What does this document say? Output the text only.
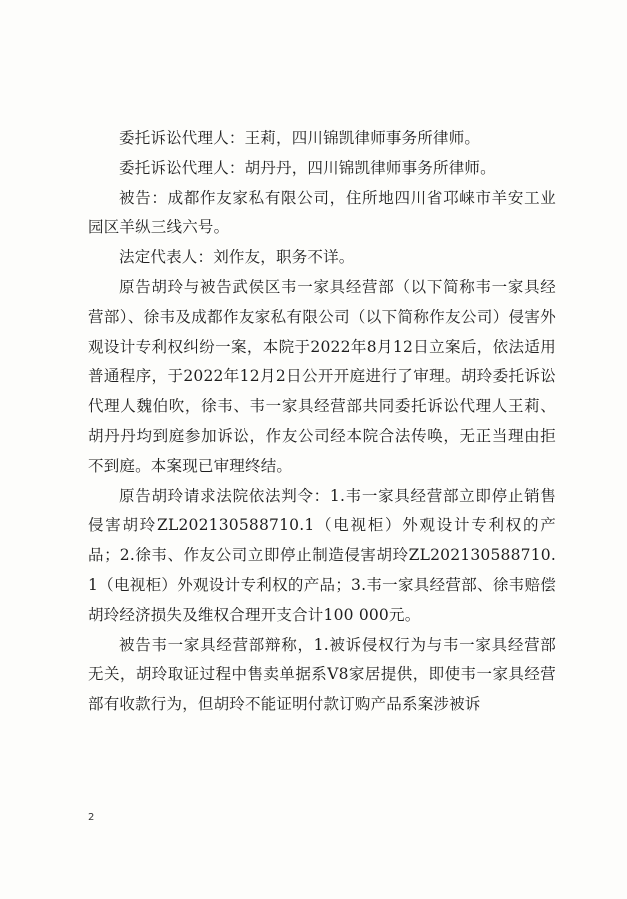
委托诉讼代理人：王莉，四川锦凯律师事务所律师。

委托诉讼代理人：胡丹丹，四川锦凯律师事务所律师。

被告：成都作友家私有限公司，住所地四川省邛崃市羊安工业园区羊纵三线六号。

法定代表人：刘作友，职务不详。

原告胡玲与被告武侯区韦一家具经营部（以下简称韦一家具经营部）、徐韦及成都作友家私有限公司（以下简称作友公司）侵害外观设计专利权纠纷一案，本院于2022年8月12日立案后，依法适用普通程序，于2022年12月2日公开开庭进行了审理。胡玲委托诉讼代理人魏伯吹，徐韦、韦一家具经营部共同委托诉讼代理人王莉、胡丹丹均到庭参加诉讼，作友公司经本院合法传唤，无正当理由拒不到庭。本案现已审理终结。

原告胡玲请求法院依法判令：1.韦一家具经营部立即停止销售侵害胡玲ZL202130588710.1（电视柜）外观设计专利权的产品；2.徐韦、作友公司立即停止制造侵害胡玲ZL202130588710.1（电视柜）外观设计专利权的产品；3.韦一家具经营部、徐韦赔偿胡玲经济损失及维权合理开支合计100 000元。

被告韦一家具经营部辩称，1.被诉侵权行为与韦一家具经营部无关，胡玲取证过程中售卖单据系V8家居提供，即使韦一家具经营部有收款行为，但胡玲不能证明付款订购产品系案涉被诉

2
